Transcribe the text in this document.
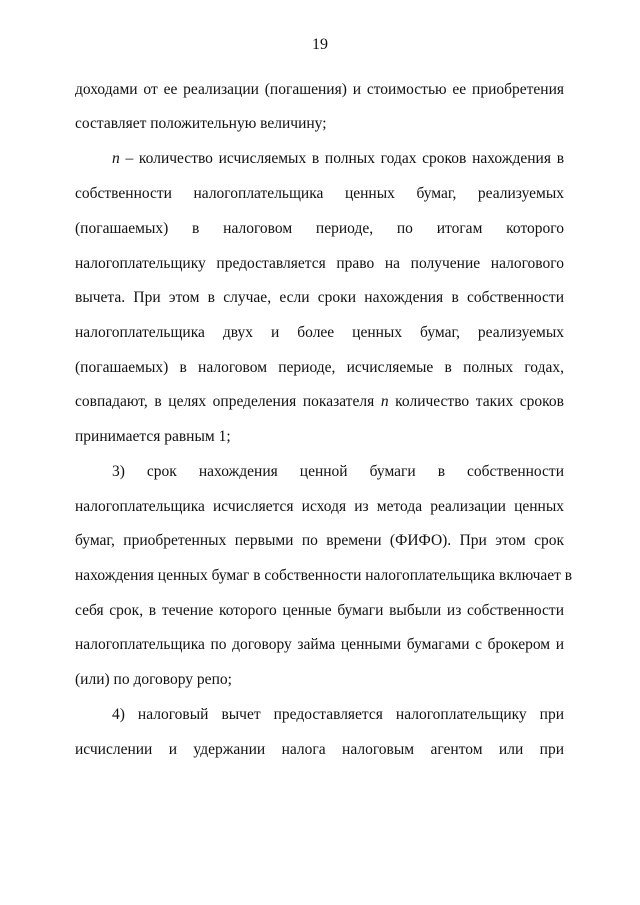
19
доходами от ее реализации (погашения) и стоимостью ее приобретения
составляет положительную величину;
n – количество исчисляемых в полных годах сроков нахождения в
собственности налогоплательщика ценных бумаг, реализуемых
(погашаемых) в налоговом периоде, по итогам которого
налогоплательщику предоставляется право на получение налогового
вычета. При этом в случае, если сроки нахождения в собственности
налогоплательщика двух и более ценных бумаг, реализуемых
(погашаемых) в налоговом периоде, исчисляемые в полных годах,
совпадают, в целях определения показателя n количество таких сроков
принимается равным 1;
3) срок нахождения ценной бумаги в собственности
налогоплательщика исчисляется исходя из метода реализации ценных
бумаг, приобретенных первыми по времени (ФИФО). При этом срок
нахождения ценных бумаг в собственности налогоплательщика включает в
себя срок, в течение которого ценные бумаги выбыли из собственности
налогоплательщика по договору займа ценными бумагами с брокером и
(или) по договору репо;
4) налоговый вычет предоставляется налогоплательщику при
исчислении и удержании налога налоговым агентом или при
